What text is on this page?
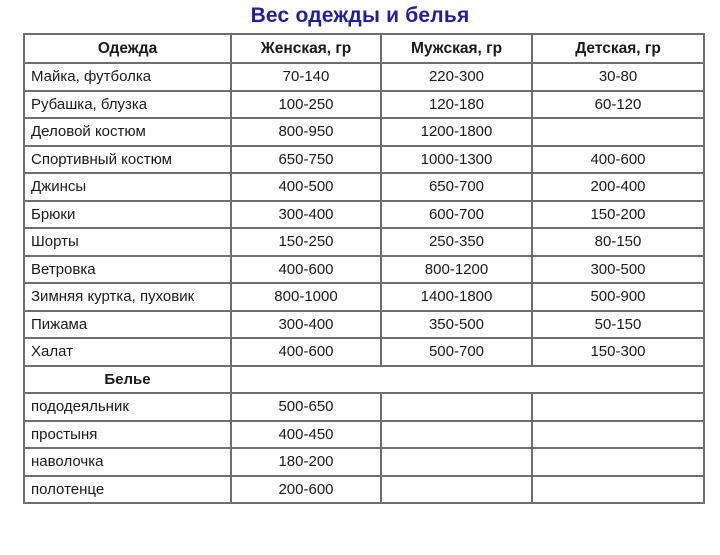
Вес одежды и белья
Одежда	Женская, гр	Мужская, гр	Детская, гр
Майка, футболка	70-140	220-300	30-80
Рубашка, блузка	100-250	120-180	60-120
Деловой костюм	800-950	1200-1800	
Спортивный костюм	650-750	1000-1300	400-600
Джинсы	400-500	650-700	200-400
Брюки	300-400	600-700	150-200
Шорты	150-250	250-350	80-150
Ветровка	400-600	800-1200	300-500
Зимняя куртка, пуховик	800-1000	1400-1800	500-900
Пижама	300-400	350-500	50-150
Халат	400-600	500-700	150-300
Белье			
пододеяльник	500-650		
простыня	400-450		
наволочка	180-200		
полотенце	200-600		
